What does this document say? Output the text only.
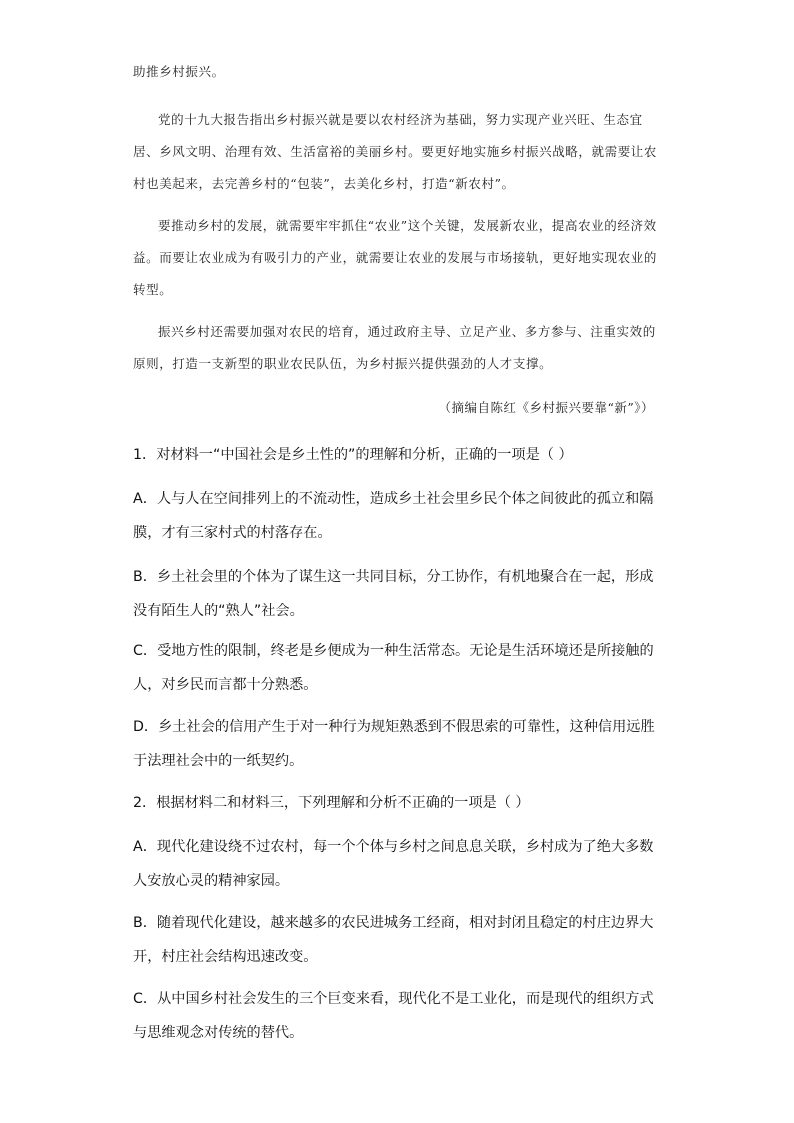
助推乡村振兴。

党的十九大报告指出乡村振兴就是要以农村经济为基础，努力实现产业兴旺、生态宜居、乡风文明、治理有效、生活富裕的美丽乡村。要更好地实施乡村振兴战略，就需要让农村也美起来，去完善乡村的“包装”，去美化乡村，打造“新农村”。

要推动乡村的发展，就需要牢牢抓住“农业”这个关键，发展新农业，提高农业的经济效益。而要让农业成为有吸引力的产业，就需要让农业的发展与市场接轨，更好地实现农业的转型。

振兴乡村还需要加强对农民的培育，通过政府主导、立足产业、多方参与、注重实效的原则，打造一支新型的职业农民队伍，为乡村振兴提供强劲的人才支撑。

（摘编自陈红《乡村振兴要靠“新”》）

1．对材料一“中国社会是乡土性的”的理解和分析，正确的一项是（ ）

A．人与人在空间排列上的不流动性，造成乡土社会里乡民个体之间彼此的孤立和隔膜，才有三家村式的村落存在。

B．乡土社会里的个体为了谋生这一共同目标，分工协作，有机地聚合在一起，形成没有陌生人的“熟人”社会。

C．受地方性的限制，终老是乡便成为一种生活常态。无论是生活环境还是所接触的人，对乡民而言都十分熟悉。

D．乡土社会的信用产生于对一种行为规矩熟悉到不假思索的可靠性，这种信用远胜于法理社会中的一纸契约。

2．根据材料二和材料三，下列理解和分析不正确的一项是（ ）

A．现代化建设绕不过农村，每一个个体与乡村之间息息关联，乡村成为了绝大多数人安放心灵的精神家园。

B．随着现代化建设，越来越多的农民进城务工经商，相对封闭且稳定的村庄边界大开，村庄社会结构迅速改变。

C．从中国乡村社会发生的三个巨变来看，现代化不是工业化，而是现代的组织方式与思维观念对传统的替代。
